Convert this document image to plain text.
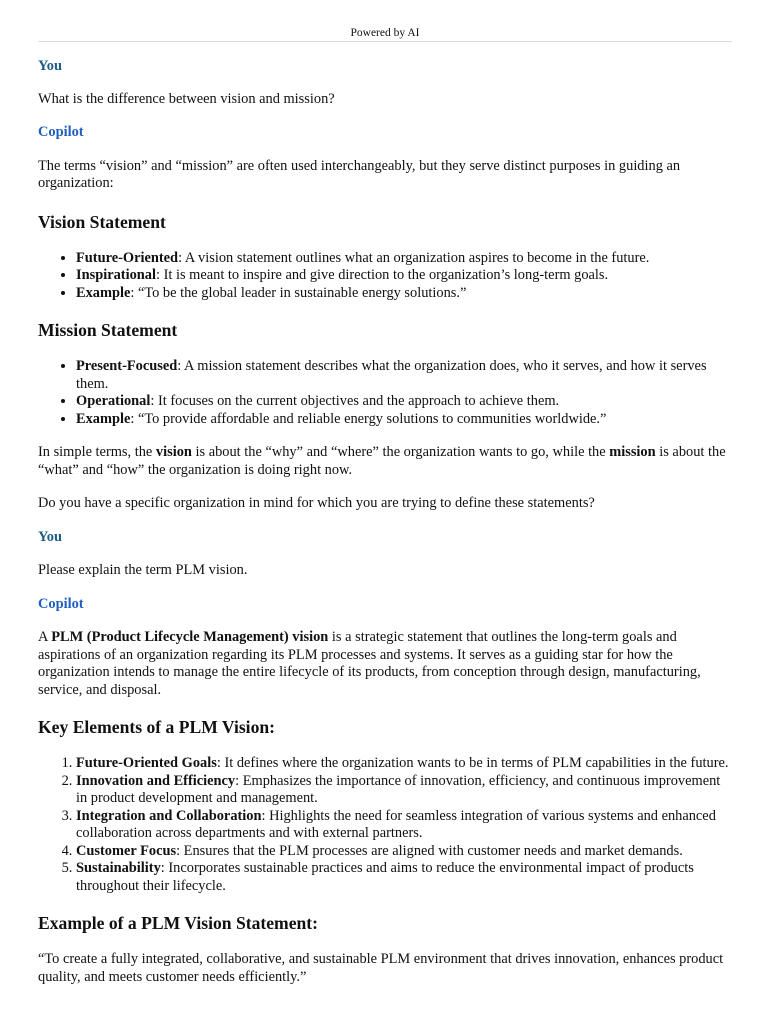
Powered by AI

You

What is the difference between vision and mission?

Copilot

The terms “vision” and “mission” are often used interchangeably, but they serve distinct purposes in guiding an organization:

Vision Statement
• Future-Oriented: A vision statement outlines what an organization aspires to become in the future.
• Inspirational: It is meant to inspire and give direction to the organization’s long-term goals.
• Example: “To be the global leader in sustainable energy solutions.”
Mission Statement
• Present-Focused: A mission statement describes what the organization does, who it serves, and how it serves them.
• Operational: It focuses on the current objectives and the approach to achieve them.
• Example: “To provide affordable and reliable energy solutions to communities worldwide.”

In simple terms, the vision is about the “why” and “where” the organization wants to go, while the mission is about the “what” and “how” the organization is doing right now.

Do you have a specific organization in mind for which you are trying to define these statements?

You

Please explain the term PLM vision.

Copilot

A PLM (Product Lifecycle Management) vision is a strategic statement that outlines the long-term goals and aspirations of an organization regarding its PLM processes and systems. It serves as a guiding star for how the organization intends to manage the entire lifecycle of its products, from conception through design, manufacturing, service, and disposal.

Key Elements of a PLM Vision:
1. Future-Oriented Goals: It defines where the organization wants to be in terms of PLM capabilities in the future.
2. Innovation and Efficiency: Emphasizes the importance of innovation, efficiency, and continuous improvement in product development and management.
3. Integration and Collaboration: Highlights the need for seamless integration of various systems and enhanced collaboration across departments and with external partners.
4. Customer Focus: Ensures that the PLM processes are aligned with customer needs and market demands.
5. Sustainability: Incorporates sustainable practices and aims to reduce the environmental impact of products throughout their lifecycle.
Example of a PLM Vision Statement:

“To create a fully integrated, collaborative, and sustainable PLM environment that drives innovation, enhances product quality, and meets customer needs efficiently.”
